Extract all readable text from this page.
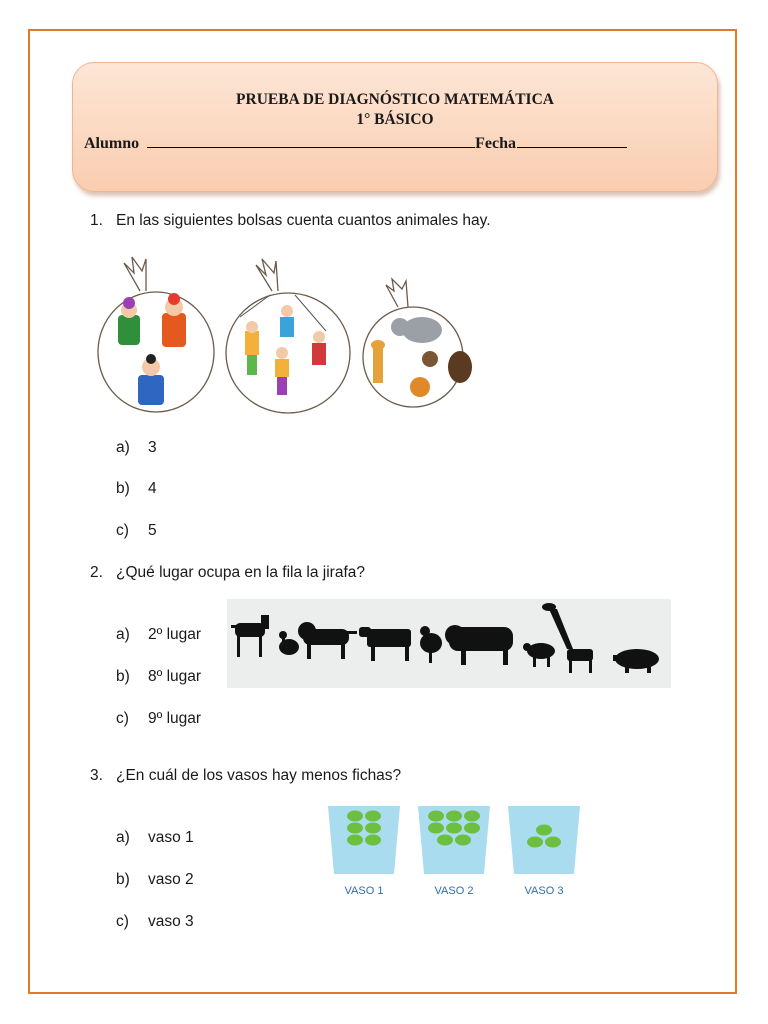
PRUEBA DE DIAGNÓSTICO MATEMÁTICA
1° BÁSICO
Alumno	Fecha
1. En las siguientes bolsas cuenta cuantos animales hay.
a) 3
b) 4
c) 5
2. ¿Qué lugar ocupa en la fila la jirafa?
a) 2º lugar
b) 8º lugar
c) 9º lugar
3. ¿En cuál de los vasos hay menos fichas?
a) vaso 1
b) vaso 2
c) vaso 3
VASO 1	VASO 2	VASO 3
